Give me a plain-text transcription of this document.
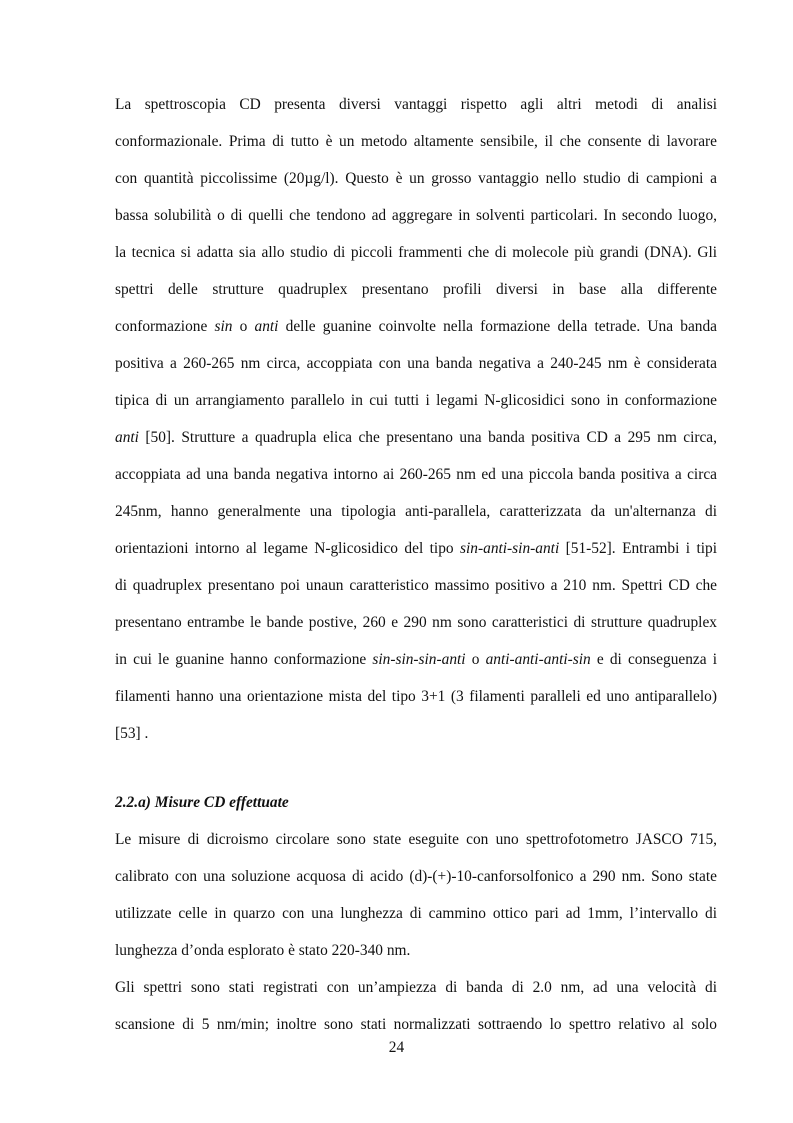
La spettroscopia CD presenta diversi vantaggi rispetto agli altri metodi di analisi
conformazionale. Prima di tutto è un metodo altamente sensibile, il che consente di lavorare
con quantità piccolissime (20µg/l). Questo è un grosso vantaggio nello studio di campioni a
bassa solubilità o di quelli che tendono ad aggregare in solventi particolari. In secondo luogo,
la tecnica si adatta sia allo studio di piccoli frammenti che di molecole più grandi (DNA). Gli
spettri delle strutture quadruplex presentano profili diversi in base alla differente
conformazione sin o anti delle guanine coinvolte nella formazione della tetrade. Una banda
positiva a 260-265 nm circa, accoppiata con una banda negativa a 240-245 nm è considerata
tipica di un arrangiamento parallelo in cui tutti i legami N-glicosidici sono in conformazione
anti [50]. Strutture a quadrupla elica che presentano una banda positiva CD a 295 nm circa,
accoppiata ad una banda negativa intorno ai 260-265 nm ed una piccola banda positiva a circa
245nm, hanno generalmente una tipologia anti-parallela, caratterizzata da un'alternanza di
orientazioni intorno al legame N-glicosidico del tipo sin-anti-sin-anti [51-52]. Entrambi i tipi
di quadruplex presentano poi unaun caratteristico massimo positivo a 210 nm. Spettri CD che
presentano entrambe le bande postive, 260 e 290 nm sono caratteristici di strutture quadruplex
in cui le guanine hanno conformazione sin-sin-sin-anti o anti-anti-anti-sin e di conseguenza i
filamenti hanno una orientazione mista del tipo 3+1 (3 filamenti paralleli ed uno antiparallelo)
[53] .
2.2.a) Misure CD effettuate
Le misure di dicroismo circolare sono state eseguite con uno spettrofotometro JASCO 715,
calibrato con una soluzione acquosa di acido (d)-(+)-10-canforsolfonico a 290 nm. Sono state
utilizzate celle in quarzo con una lunghezza di cammino ottico pari ad 1mm, l’intervallo di
lunghezza d’onda esplorato è stato 220-340 nm.
Gli spettri sono stati registrati con un’ampiezza di banda di 2.0 nm, ad una velocità di
scansione di 5 nm/min; inoltre sono stati normalizzati sottraendo lo spettro relativo al solo
24
